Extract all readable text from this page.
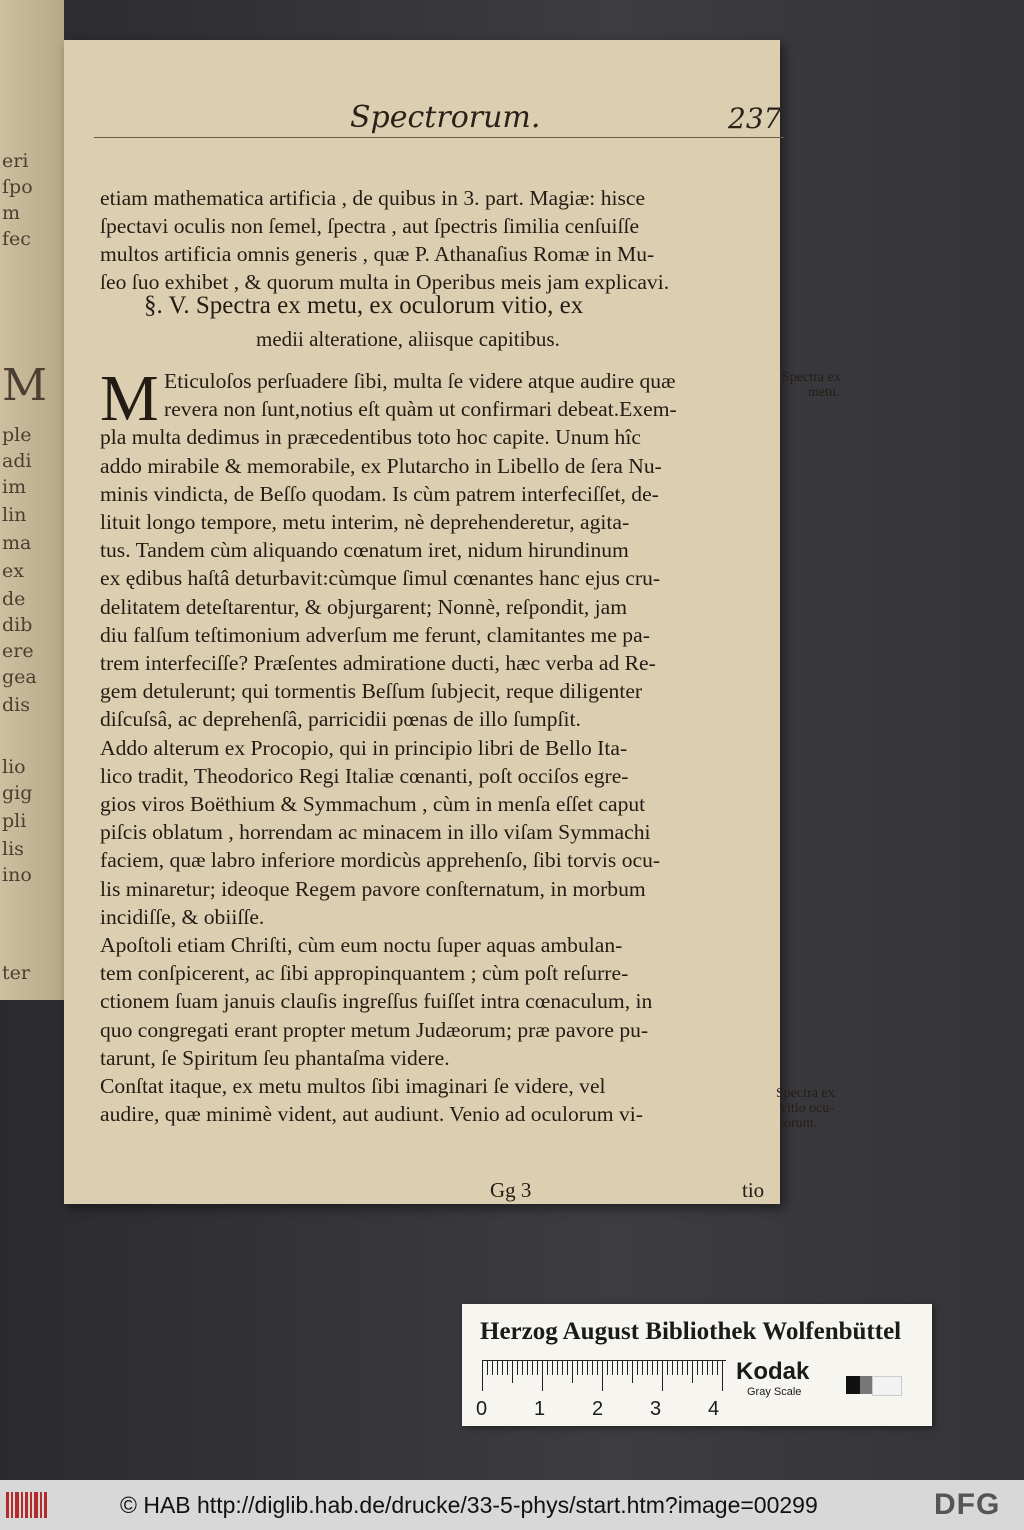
eri
ſpo
m
fec
M
ple
adi
im
lin
ma
ex
de
dib
ere
gea
dis
lio
gig
pli
lis
ino
ter
Spectrorum.	237
etiam mathematica artificia , de quibus in 3. part. Magiæ: hisce
ſpectavi oculis non ſemel, ſpectra , aut ſpectris ſimilia cenſuiſſe
multos artificia omnis generis , quæ P. Athanaſius Romæ in Mu-
ſeo ſuo exhibet , & quorum multa in Operibus meis jam explicavi.
§. V. Spectra ex metu, ex oculorum vitio, ex
medii alteratione, aliisque capitibus.
M Eticuloſos perſuadere ſibi, multa ſe videre atque audire quæ
revera non ſunt,notius eſt quàm ut confirmari debeat.Exem-
pla multa dedimus in præcedentibus toto hoc capite. Unum hîc
addo mirabile & memorabile, ex Plutarcho in Libello de ſera Nu-
minis vindicta, de Beſſo quodam. Is cùm patrem interfeciſſet, de-
lituit longo tempore, metu interim, nè deprehenderetur, agita-
tus. Tandem cùm aliquando cœnatum iret, nidum hirundinum
ex ędibus haſtâ deturbavit:cùmque ſimul cœnantes hanc ejus cru-
delitatem deteſtarentur, & objurgarent; Nonnè, reſpondit, jam
diu falſum teſtimonium adverſum me ferunt, clamitantes me pa-
trem interfeciſſe? Præſentes admiratione ducti, hæc verba ad Re-
gem detulerunt; qui tormentis Beſſum ſubjecit, reque diligenter
diſcuſsâ, ac deprehenſâ, parricidii pœnas de illo ſumpſit.
Addo alterum ex Procopio, qui in principio libri de Bello Ita-
lico tradit, Theodorico Regi Italiæ cœnanti, poſt occiſos egre-
gios viros Boëthium & Symmachum , cùm in menſa eſſet caput
piſcis oblatum , horrendam ac minacem in illo viſam Symmachi
faciem, quæ labro inferiore mordicùs apprehenſo, ſibi torvis ocu-
lis minaretur; ideoque Regem pavore conſternatum, in morbum
incidiſſe, & obiiſſe.
Apoſtoli etiam Chriſti, cùm eum noctu ſuper aquas ambulan-
tem conſpicerent, ac ſibi appropinquantem ; cùm poſt reſurre-
ctionem ſuam januis clauſis ingreſſus fuiſſet intra cœnaculum, in
quo congregati erant propter metum Judæorum; præ pavore pu-
tarunt, ſe Spiritum ſeu phantaſma videre.
Conſtat itaque, ex metu multos ſibi imaginari ſe videre, vel
audire, quæ minimè vident, aut audiunt. Venio ad oculorum vi-
Gg 3	tio
Spectra ex
metu.
Spectra ex
vitio ocu-
lorum.
Herzog August Bibliothek Wolfenbüttel
0 1 2 3 4
Kodak
Gray Scale
© HAB http://diglib.hab.de/drucke/33-5-phys/start.htm?image=00299	DFG
